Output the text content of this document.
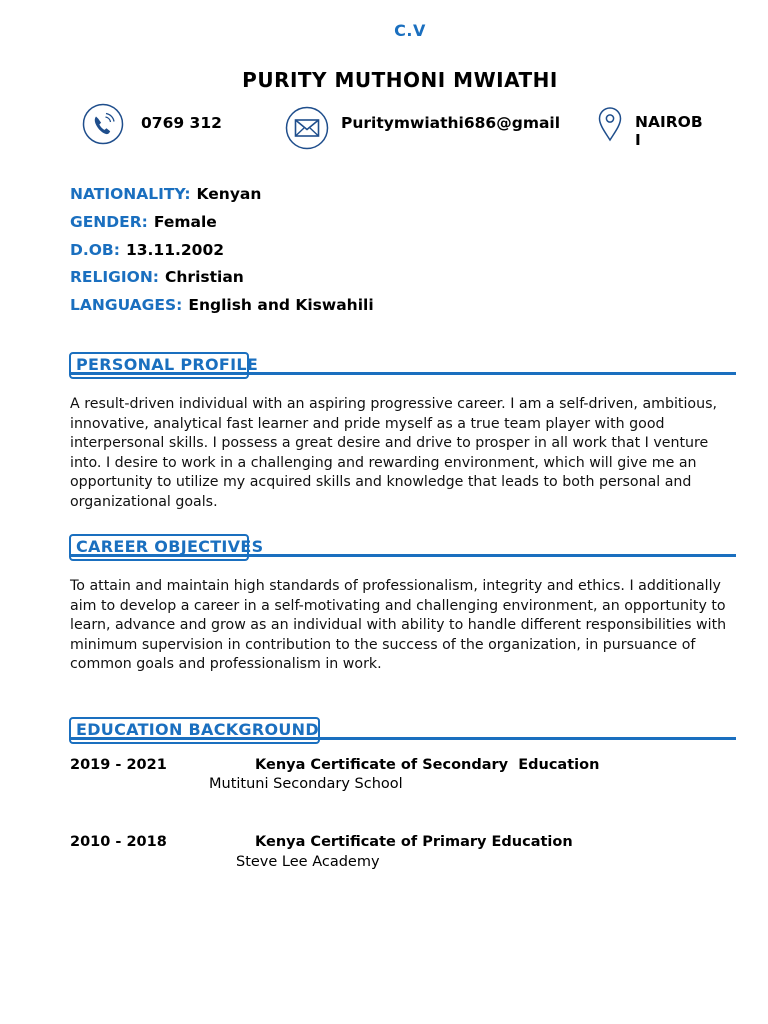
C.V
PURITY MUTHONI MWIATHI
0769 312	Puritymwiathi686@gmail	NAIROB
I
NATIONALITY: Kenyan
GENDER: Female
D.OB: 13.11.2002
RELIGION: Christian
LANGUAGES: English and Kiswahili
PERSONAL PROFILE
A result-driven individual with an aspiring progressive career. I am a self-driven, ambitious, innovative, analytical fast learner and pride myself as a true team player with good interpersonal skills. I possess a great desire and drive to prosper in all work that I venture into. I desire to work in a challenging and rewarding environment, which will give me an opportunity to utilize my acquired skills and knowledge that leads to both personal and organizational goals.
CAREER OBJECTIVES
To attain and maintain high standards of professionalism, integrity and ethics. I additionally aim to develop a career in a self-motivating and challenging environment, an opportunity to learn, advance and grow as an individual with ability to handle different responsibilities with minimum supervision in contribution to the success of the organization, in pursuance of common goals and professionalism in work.
EDUCATION BACKGROUND
2019 - 2021	Kenya Certificate of Secondary  Education
Mutituni Secondary School
2010 - 2018	Kenya Certificate of Primary Education
Steve Lee Academy
